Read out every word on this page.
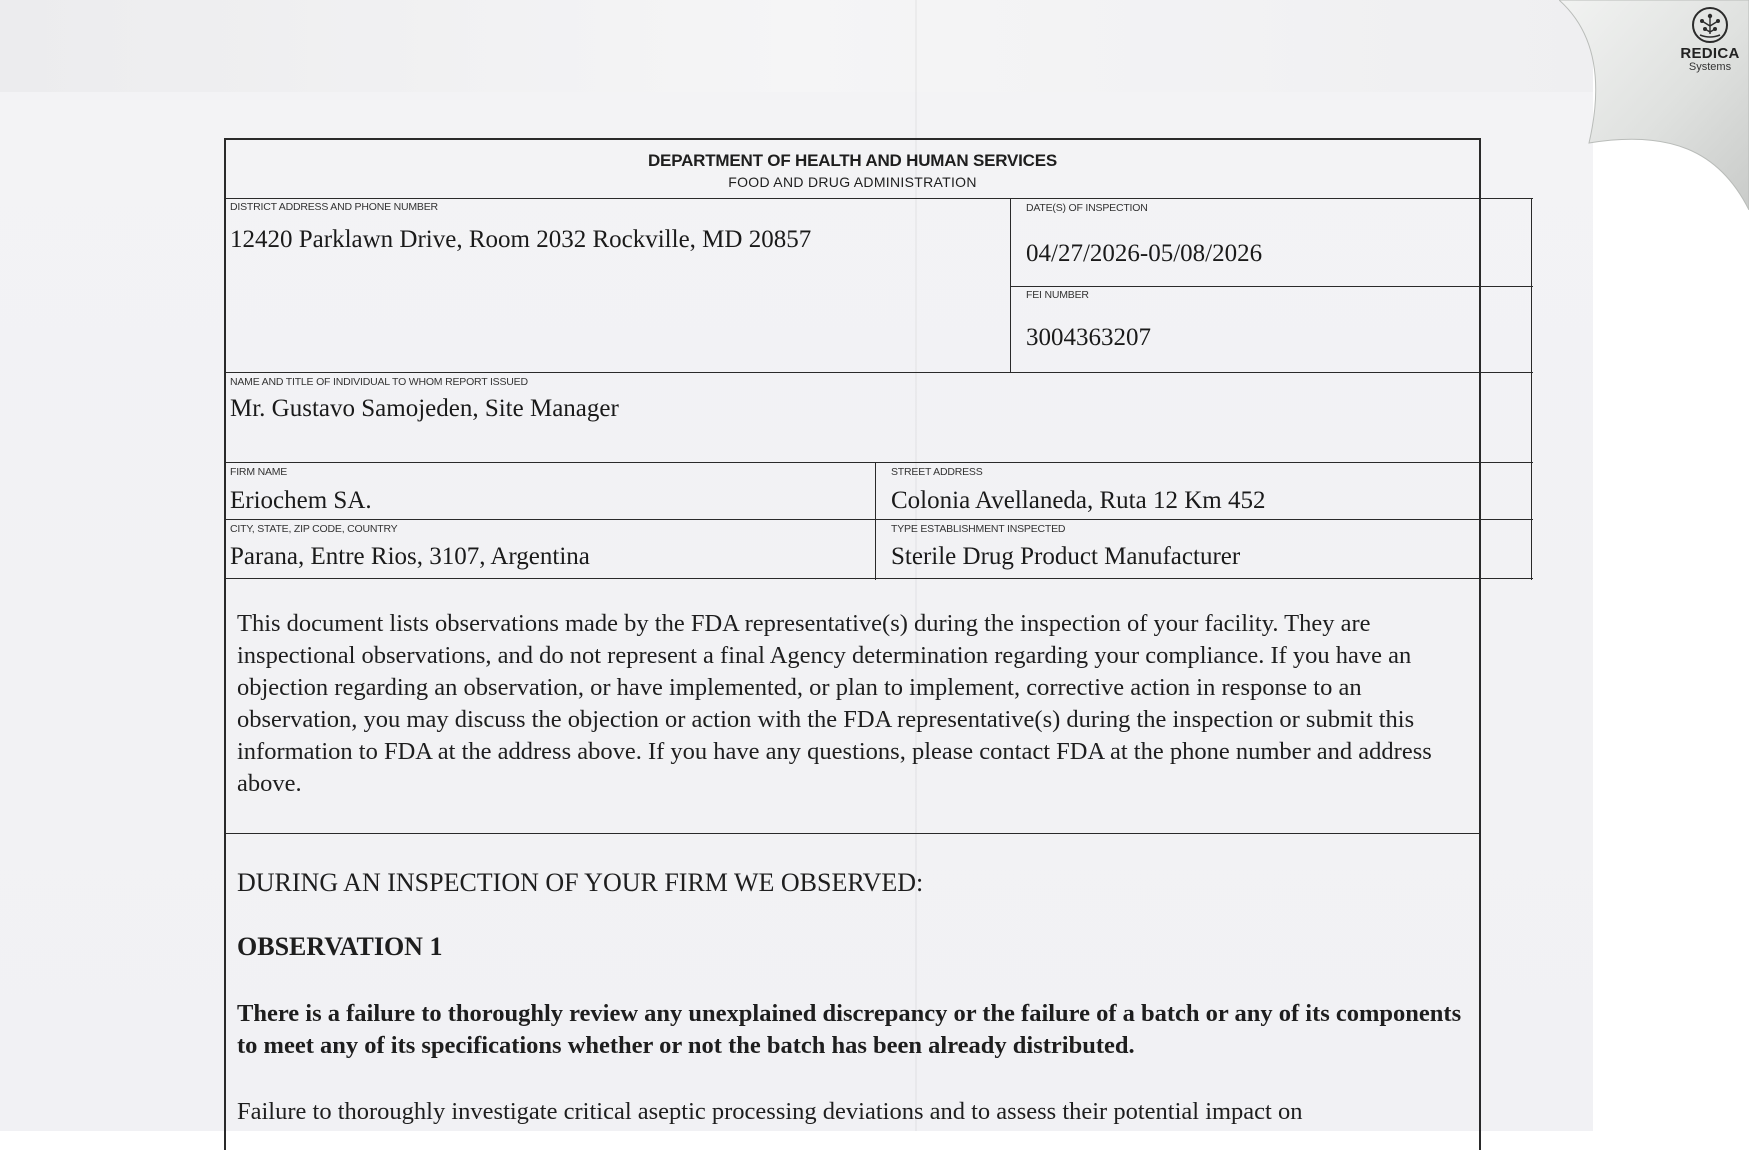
REDICA
Systems
DEPARTMENT OF HEALTH AND HUMAN SERVICES
FOOD AND DRUG ADMINISTRATION
DISTRICT ADDRESS AND PHONE NUMBER
12420 Parklawn Drive, Room 2032 Rockville, MD 20857
DATE(S) OF INSPECTION
04/27/2026-05/08/2026
FEI NUMBER
3004363207
NAME AND TITLE OF INDIVIDUAL TO WHOM REPORT ISSUED
Mr. Gustavo Samojeden, Site Manager
FIRM NAME
Eriochem SA.
STREET ADDRESS
Colonia Avellaneda, Ruta 12 Km 452
CITY, STATE, ZIP CODE, COUNTRY
Parana, Entre Rios, 3107, Argentina
TYPE ESTABLISHMENT INSPECTED
Sterile Drug Product Manufacturer
This document lists observations made by the FDA representative(s) during the inspection of your facility. They are inspectional observations, and do not represent a final Agency determination regarding your compliance. If you have an objection regarding an observation, or have implemented, or plan to implement, corrective action in response to an observation, you may discuss the objection or action with the FDA representative(s) during the inspection or submit this information to FDA at the address above. If you have any questions, please contact FDA at the phone number and address above.
DURING AN INSPECTION OF YOUR FIRM WE OBSERVED:
OBSERVATION 1
There is a failure to thoroughly review any unexplained discrepancy or the failure of a batch or any of its components to meet any of its specifications whether or not the batch has been already distributed.
Failure to thoroughly investigate critical aseptic processing deviations and to assess their potential impact on
